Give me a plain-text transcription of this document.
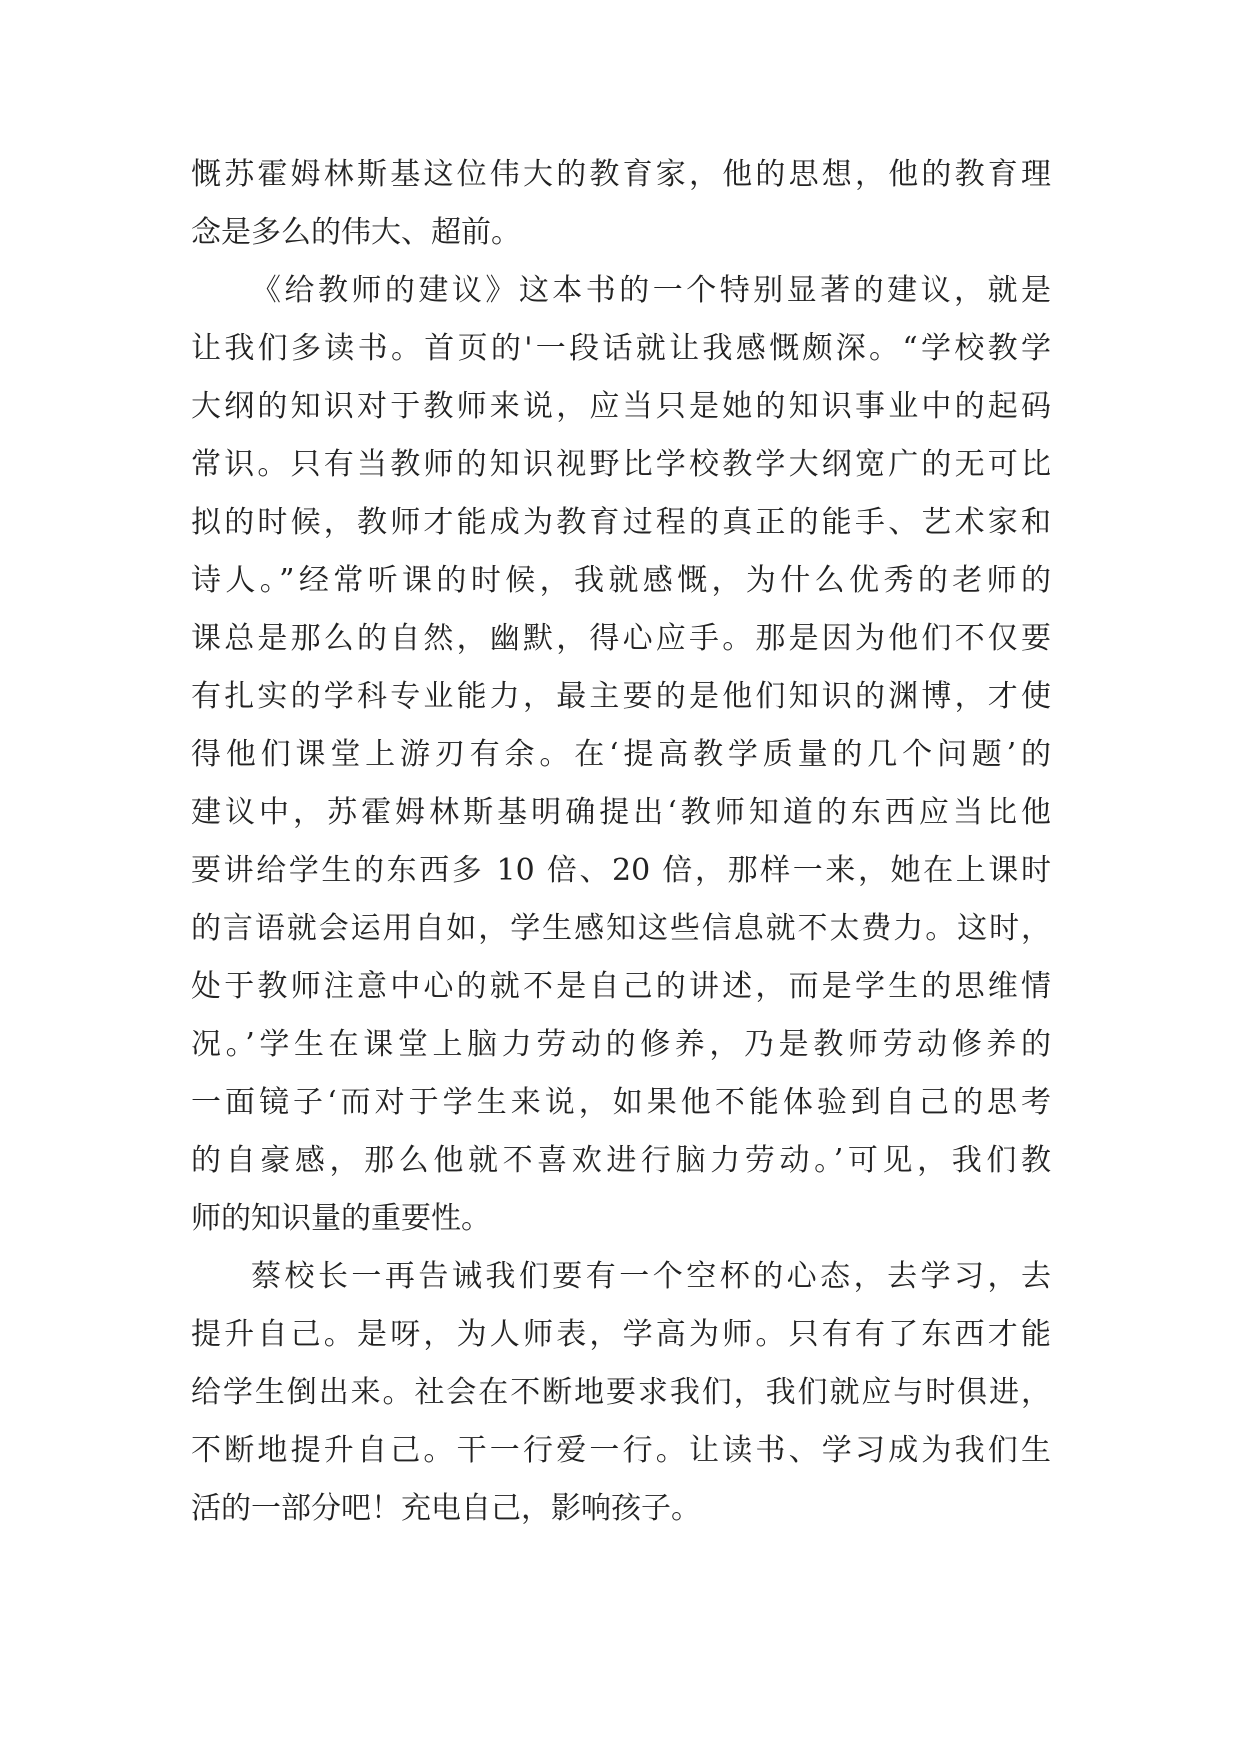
慨苏霍姆林斯基这位伟大的教育家，他的思想，他的教育理
念是多么的伟大、超前。
《给教师的建议》这本书的一个特别显著的建议，就是
让我们多读书。首页的'一段话就让我感慨颇深。“学校教学
大纲的知识对于教师来说，应当只是她的知识事业中的起码
常识。只有当教师的知识视野比学校教学大纲宽广的无可比
拟的时候，教师才能成为教育过程的真正的能手、艺术家和
诗人。”经常听课的时候，我就感慨，为什么优秀的老师的
课总是那么的自然，幽默，得心应手。那是因为他们不仅要
有扎实的学科专业能力，最主要的是他们知识的渊博，才使
得他们课堂上游刃有余。在‘提高教学质量的几个问题’的
建议中，苏霍姆林斯基明确提出‘教师知道的东西应当比他
要讲给学生的东西多 10 倍、20 倍，那样一来，她在上课时
的言语就会运用自如，学生感知这些信息就不太费力。这时，
处于教师注意中心的就不是自己的讲述，而是学生的思维情
况。’学生在课堂上脑力劳动的修养，乃是教师劳动修养的
一面镜子‘而对于学生来说，如果他不能体验到自己的思考
的自豪感，那么他就不喜欢进行脑力劳动。’可见，我们教
师的知识量的重要性。
蔡校长一再告诫我们要有一个空杯的心态，去学习，去
提升自己。是呀，为人师表，学高为师。只有有了东西才能
给学生倒出来。社会在不断地要求我们，我们就应与时俱进，
不断地提升自己。干一行爱一行。让读书、学习成为我们生
活的一部分吧！充电自己，影响孩子。
